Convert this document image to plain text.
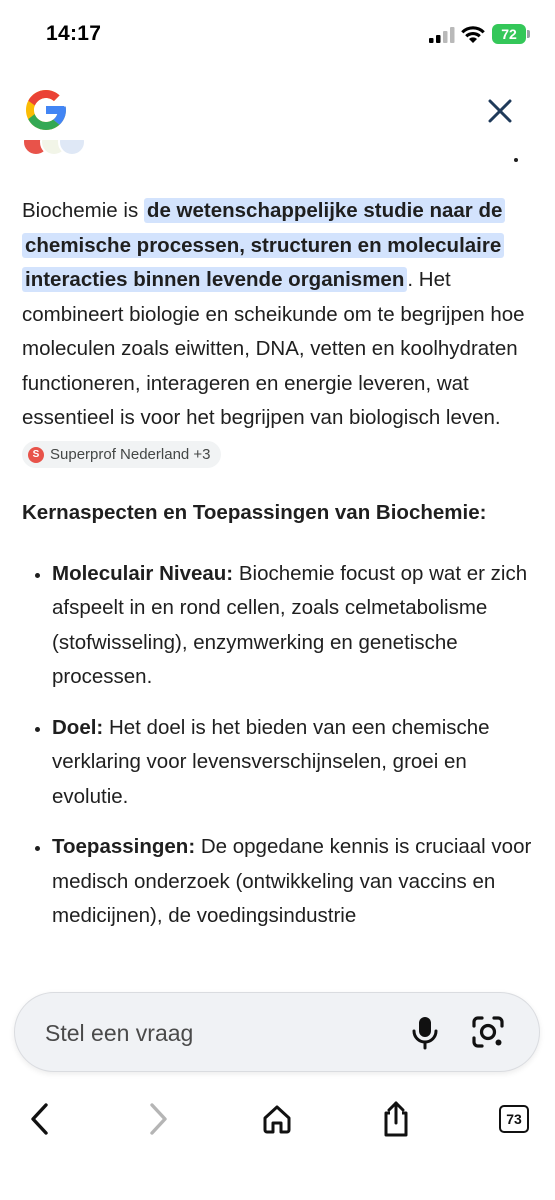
14:17	72

Biochemie is de wetenschappelijke studie naar de chemische processen, structuren en moleculaire interacties binnen levende organismen . Het combineert biologie en scheikunde om te begrijpen hoe moleculen zoals eiwitten, DNA, vetten en koolhydraten functioneren, interageren en energie leveren, wat essentieel is voor het begrijpen van biologisch leven.
S Superprof Nederland +3

Kernaspecten en Toepassingen van Biochemie:

• Moleculair Niveau: Biochemie focust op wat er zich afspeelt in en rond cellen, zoals celmetabolisme (stofwisseling), enzymwerking en genetische processen.
• Doel: Het doel is het bieden van een chemische verklaring voor levensverschijnselen, groei en evolutie.
• Toepassingen: De opgedane kennis is cruciaal voor medisch onderzoek (ontwikkeling van vaccins en medicijnen), de voedingsindustrie
Stel een vraag
73
